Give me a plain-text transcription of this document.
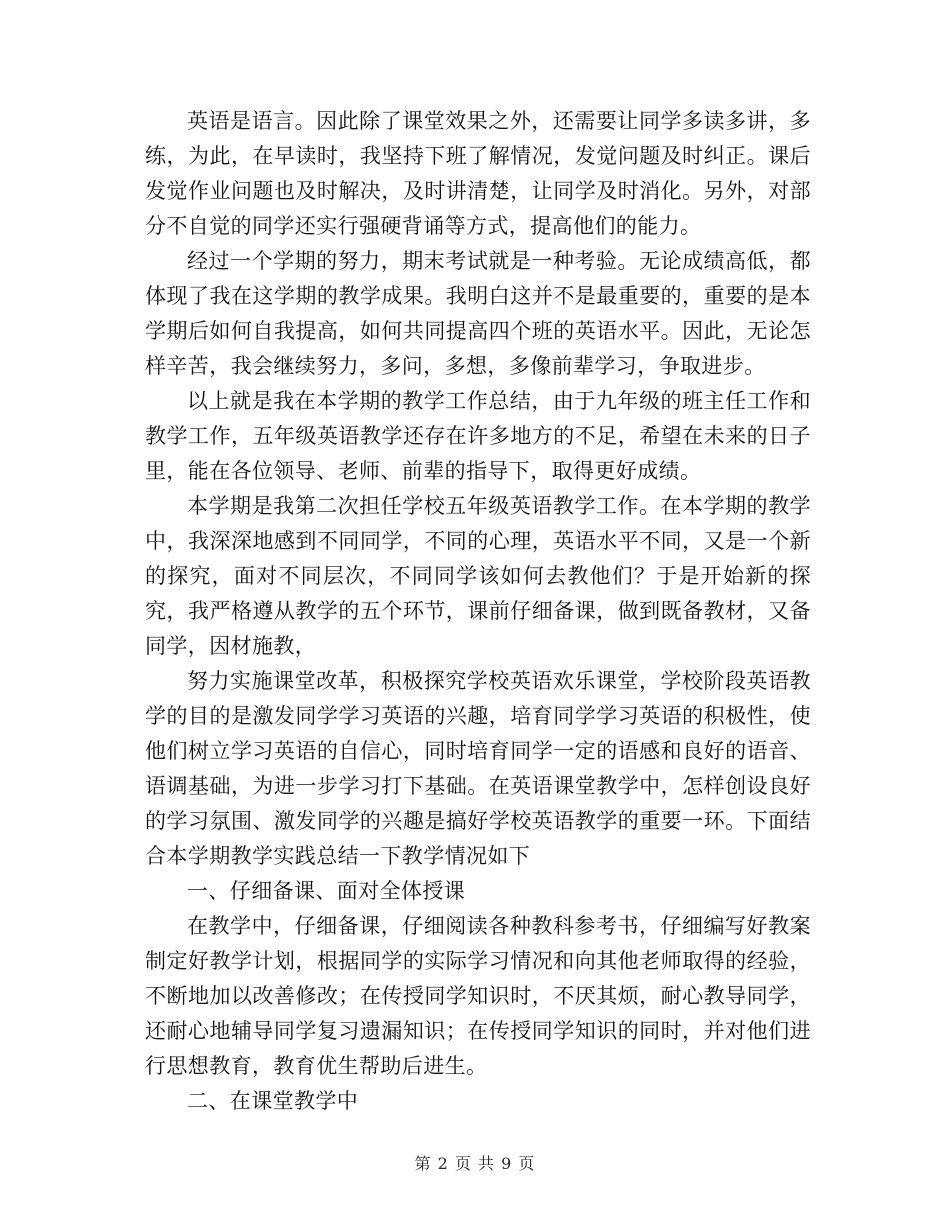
英语是语言。因此除了课堂效果之外，还需要让同学多读多讲，多练，为此，在早读时，我坚持下班了解情况，发觉问题及时纠正。课后发觉作业问题也及时解决，及时讲清楚，让同学及时消化。另外，对部分不自觉的同学还实行强硬背诵等方式，提高他们的能力。

经过一个学期的努力，期末考试就是一种考验。无论成绩高低，都体现了我在这学期的教学成果。我明白这并不是最重要的，重要的是本学期后如何自我提高，如何共同提高四个班的英语水平。因此，无论怎样辛苦，我会继续努力，多问，多想，多像前辈学习，争取进步。

以上就是我在本学期的教学工作总结，由于九年级的班主任工作和教学工作，五年级英语教学还存在许多地方的不足，希望在未来的日子里，能在各位领导、老师、前辈的指导下，取得更好成绩。

本学期是我第二次担任学校五年级英语教学工作。在本学期的教学中，我深深地感到不同同学，不同的心理，英语水平不同，又是一个新的探究，面对不同层次，不同同学该如何去教他们？于是开始新的探究，我严格遵从教学的五个环节，课前仔细备课，做到既备教材，又备同学，因材施教，

努力实施课堂改革，积极探究学校英语欢乐课堂，学校阶段英语教学的目的是激发同学学习英语的兴趣，培育同学学习英语的积极性，使他们树立学习英语的自信心，同时培育同学一定的语感和良好的语音、语调基础，为进一步学习打下基础。在英语课堂教学中，怎样创设良好的学习氛围、激发同学的兴趣是搞好学校英语教学的重要一环。下面结合本学期教学实践总结一下教学情况如下

一、仔细备课、面对全体授课

在教学中，仔细备课，仔细阅读各种教科参考书，仔细编写好教案制定好教学计划，根据同学的实际学习情况和向其他老师取得的经验，不断地加以改善修改；在传授同学知识时，不厌其烦，耐心教导同学，还耐心地辅导同学复习遗漏知识；在传授同学知识的同时，并对他们进行思想教育，教育优生帮助后进生。

二、在课堂教学中

第 2 页 共 9 页
